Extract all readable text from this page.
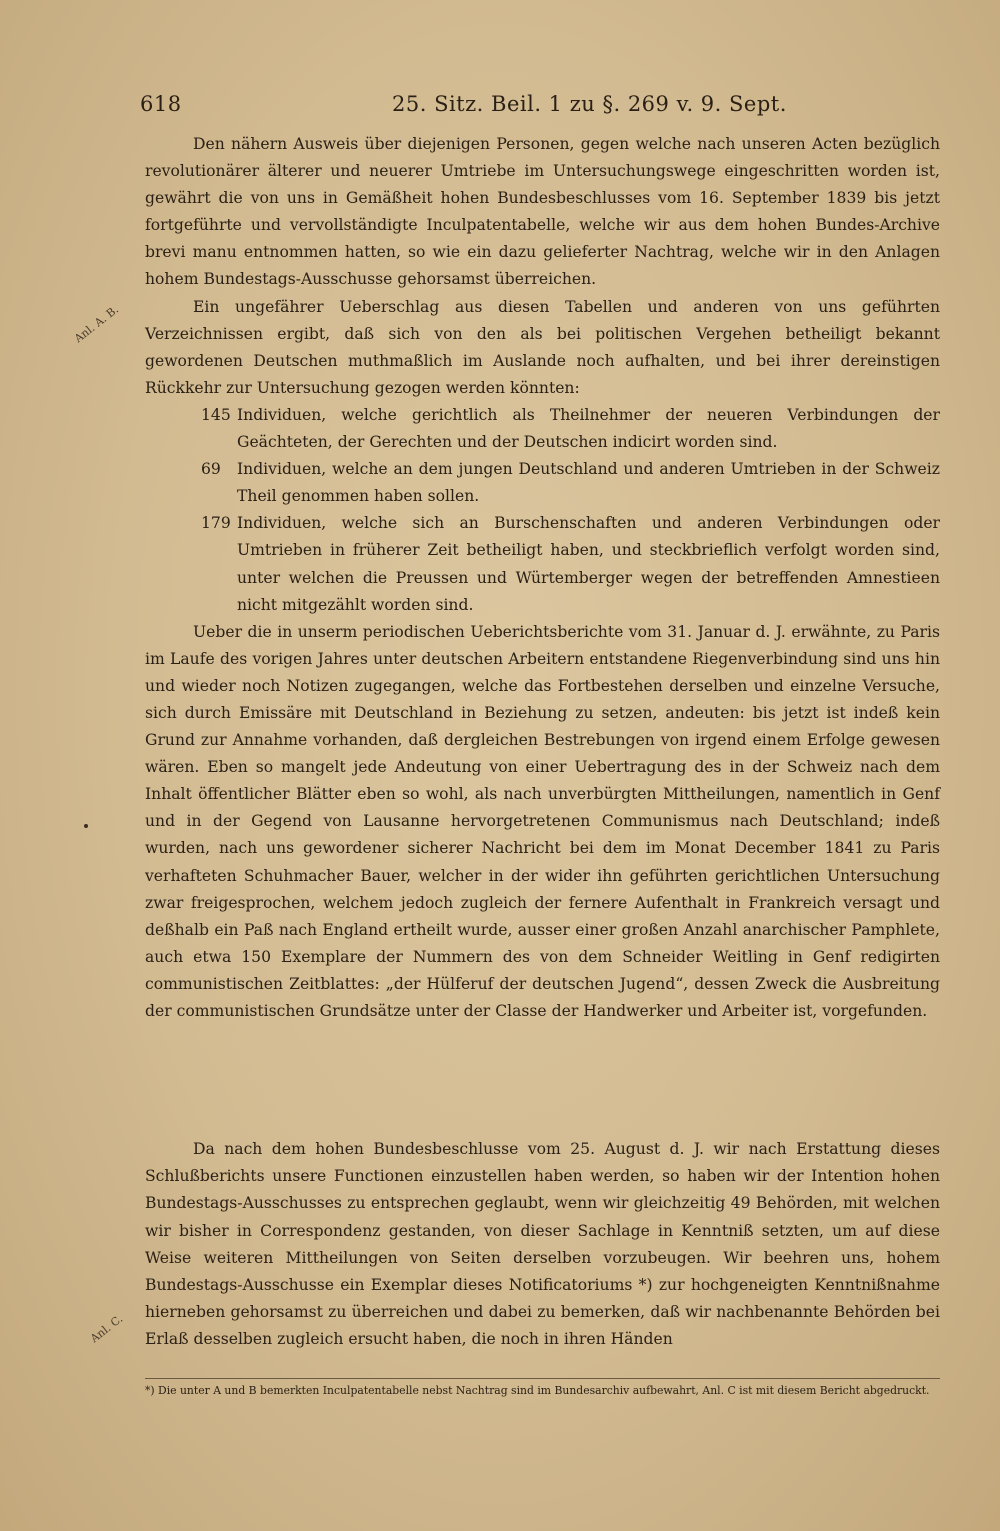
618	25. Sitz. Beil. 1 zu §. 269 v. 9. Sept.
Anl. A. B.

Den nähern Ausweis über diejenigen Personen, gegen welche nach unseren Acten bezüglich revolutionärer älterer und neuerer Umtriebe im Untersuchungswege eingeschritten worden ist, gewährt die von uns in Gemäßheit hohen Bundesbeschlusses vom 16. September 1839 bis jetzt fortgeführte und vervollständigte Inculpatentabelle, welche wir aus dem hohen Bundes-Archive brevi manu entnommen hatten, so wie ein dazu gelieferter Nachtrag, welche wir in den Anlagen hohem Bundestags-Ausschusse gehorsamst überreichen.

Ein ungefährer Ueberschlag aus diesen Tabellen und anderen von uns geführten Verzeichnissen ergibt, daß sich von den als bei politischen Vergehen betheiligt bekannt gewordenen Deutschen muthmaßlich im Auslande noch aufhalten, und bei ihrer dereinstigen Rückkehr zur Untersuchung gezogen werden könnten:

145 Individuen, welche gerichtlich als Theilnehmer der neueren Verbindungen der Geächteten, der Gerechten und der Deutschen indicirt worden sind.
69	Individuen, welche an dem jungen Deutschland und anderen Umtrieben in der Schweiz Theil genommen haben sollen.
179 Individuen, welche sich an Burschenschaften und anderen Verbindungen oder Umtrieben in früherer Zeit betheiligt haben, und steckbrieflich verfolgt worden sind, unter welchen die Preussen und Würtemberger wegen der betreffenden Amnestieen nicht mitgezählt worden sind.

Ueber die in unserm periodischen Ueberichtsberichte vom 31. Januar d. J. erwähnte, zu Paris im Laufe des vorigen Jahres unter deutschen Arbeitern entstandene Riegenverbindung sind uns hin und wieder noch Notizen zugegangen, welche das Fortbestehen derselben und einzelne Versuche, sich durch Emissäre mit Deutschland in Beziehung zu setzen, andeuten: bis jetzt ist indeß kein Grund zur Annahme vorhanden, daß dergleichen Bestrebungen von irgend einem Erfolge gewesen wären. Eben so mangelt jede Andeutung von einer Uebertragung des in der Schweiz nach dem Inhalt öffentlicher Blätter eben so wohl, als nach unverbürgten Mittheilungen, namentlich in Genf und in der Gegend von Lausanne hervorgetretenen Communismus nach Deutschland; indeß wurden, nach uns gewordener sicherer Nachricht bei dem im Monat December 1841 zu Paris verhafteten Schuhmacher Bauer, welcher in der wider ihn geführten gerichtlichen Untersuchung zwar freigesprochen, welchem jedoch zugleich der fernere Aufenthalt in Frankreich versagt und deßhalb ein Paß nach England ertheilt wurde, ausser einer großen Anzahl anarchischer Pamphlete, auch etwa 150 Exemplare der Nummern des von dem Schneider Weitling in Genf redigirten communistischen Zeitblattes: „der Hülferuf der deutschen Jugend“, dessen Zweck die Ausbreitung der communistischen Grundsätze unter der Classe der Handwerker und Arbeiter ist, vorgefunden.

Da nach dem hohen Bundesbeschlusse vom 25. August d. J. wir nach Erstattung dieses Schlußberichts unsere Functionen einzustellen haben werden, so haben wir der Intention hohen Bundestags-Ausschusses zu entsprechen geglaubt, wenn wir gleichzeitig 49 Behörden, mit welchen wir bisher in Correspondenz gestanden, von dieser Sachlage in Kenntniß setzten, um auf diese Weise weiteren Mittheilungen von Seiten derselben vorzubeugen. Wir beehren uns, hohem Bundestags-Ausschusse ein Exemplar dieses Notificatoriums *) zur hochgeneigten Kenntnißnahme hierneben gehorsamst zu überreichen und dabei zu bemerken, daß wir nachbenannte Behörden bei Erlaß desselben zugleich ersucht haben, die noch in ihren Händen

Anl. C.
*) Die unter A und B bemerkten Inculpatentabelle nebst Nachtrag sind im Bundesarchiv aufbewahrt, Anl. C ist mit diesem Bericht abgedruckt.
